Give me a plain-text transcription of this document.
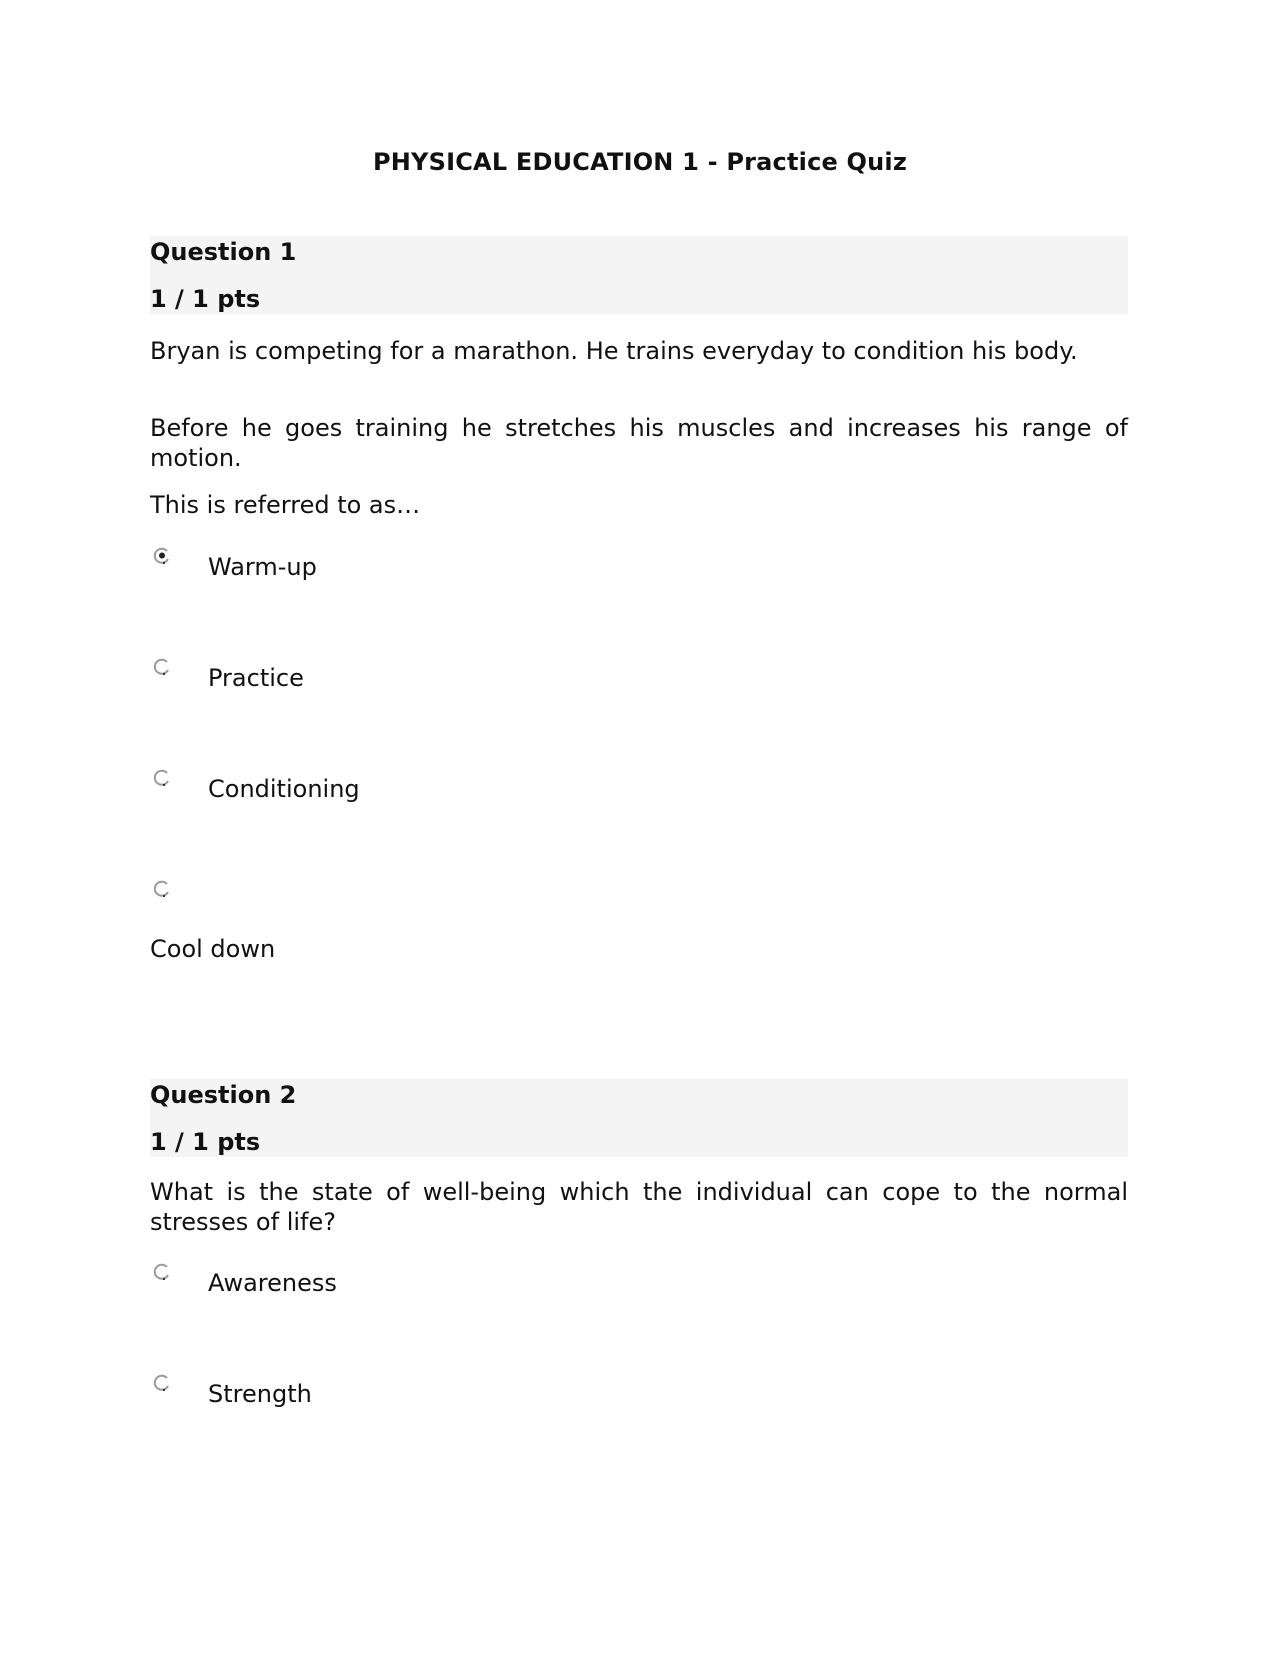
PHYSICAL EDUCATION 1 - Practice Quiz
Question 1
1 / 1 pts
Bryan is competing for a marathon. He trains everyday to condition his body.
Before he goes training he stretches his muscles and increases his range of motion.
This is referred to as…
Warm-up
Practice
Conditioning
Cool down
Question 2
1 / 1 pts
What is the state of well-being which the individual can cope to the normal stresses of life?
Awareness
Strength
